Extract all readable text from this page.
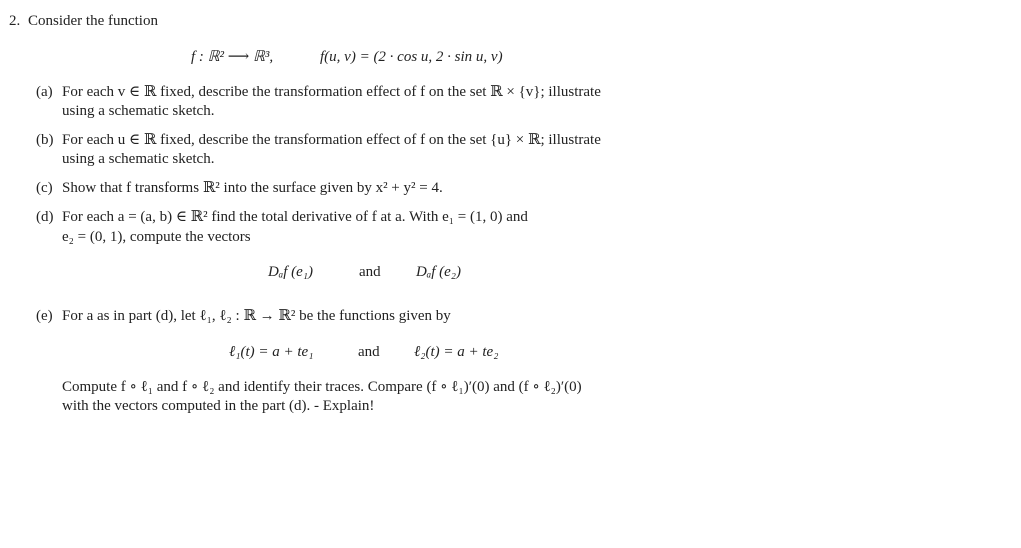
2. Consider the function
f : ℝ² ⟶ ℝ³,	f(u, v) = (2 · cos u, 2 · sin u, v)
(a) For each v ∈ ℝ fixed, describe the transformation effect of f on the set ℝ × {v}; illustrate
using a schematic sketch.
(b) For each u ∈ ℝ fixed, describe the transformation effect of f on the set {u} × ℝ; illustrate
using a schematic sketch.
(c) Show that f transforms ℝ² into the surface given by x² + y² = 4.
(d) For each a = (a, b) ∈ ℝ² find the total derivative of f at a. With e₁ = (1, 0) and
e₂ = (0, 1), compute the vectors
Dₐf (e₁)	and Dₐf (e₂)
(e) For a as in part (d), let ℓ₁, ℓ₂ : ℝ → ℝ² be the functions given by
ℓ₁(t) = a + te₁	and ℓ₂(t) = a + te₂
Compute f ∘ ℓ₁ and f ∘ ℓ₂ and identify their traces. Compare (f ∘ ℓ₁)′(0) and (f ∘ ℓ₂)′(0)
with the vectors computed in the part (d). - Explain!
